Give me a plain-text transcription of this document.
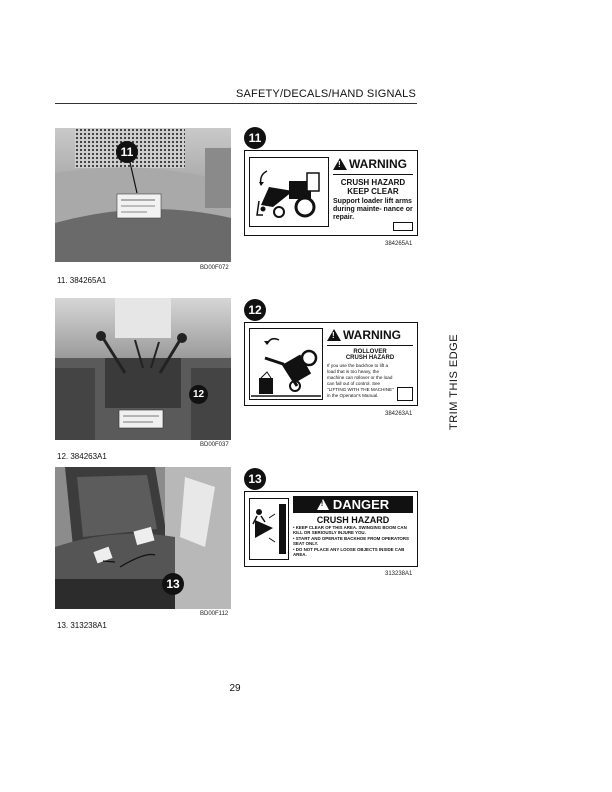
SAFETY/DECALS/HAND SIGNALS
11
BD00F072
11. 384265A1
11
! WARNING
CRUSH HAZARD
KEEP CLEAR
Support loader lift arms during mainte- nance or repair.
384265A1
12
BD00F037
12. 384263A1
12
! WARNING
ROLLOVER
CRUSH HAZARD
If you use the backhoe to lift a load that is too heavy, the machine can rollover or the load can fall out of control. See "LIFTING WITH THE MACHINE" in the Operator's Manual.
384263A1
13
BD00F112
13. 313238A1
13
! DANGER
CRUSH HAZARD
• KEEP CLEAR OF THIS AREA. SWINGING BOOM CAN KILL OR SERIOUSLY INJURE YOU.
• START AND OPERATE BACKHOE FROM OPERATORS SEAT ONLY.
• DO NOT PLACE ANY LOOSE OBJECTS INSIDE CAB AREA.
313238A1
TRIM THIS EDGE
29
